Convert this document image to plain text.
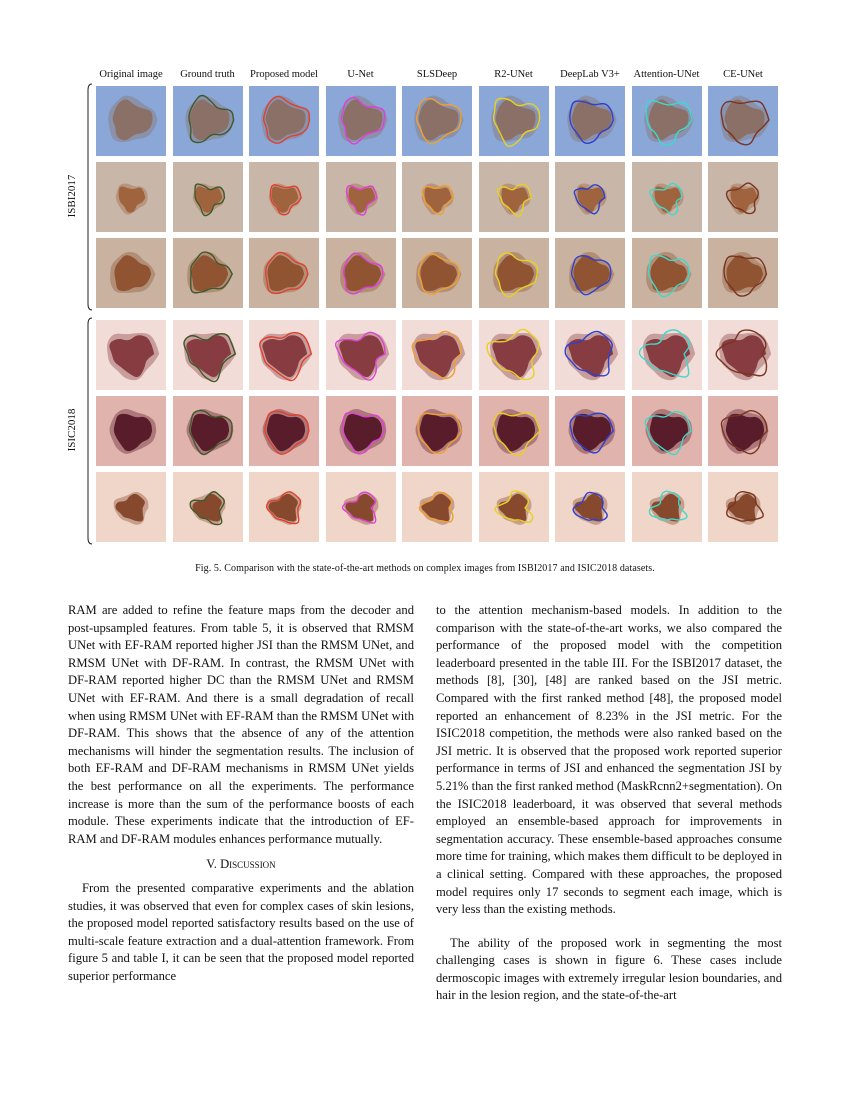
Original image	Ground truth	Proposed model	U-Net	SLSDeep	R2-UNet	DeepLab V3+	Attention-UNet	CE-UNet
ISBI2017
ISIC2018
Fig. 5. Comparison with the state-of-the-art methods on complex images from ISBI2017 and ISIC2018 datasets.

RAM are added to refine the feature maps from the decoder and post-upsampled features. From table 5, it is observed that RMSM UNet with EF-RAM reported higher JSI than the RMSM UNet, and RMSM UNet with DF-RAM. In contrast, the RMSM UNet with DF-RAM reported higher DC than the RMSM UNet and RMSM UNet with EF-RAM. And there is a small degradation of recall when using RMSM UNet with EF-RAM than the RMSM UNet with DF-RAM. This shows that the absence of any of the attention mechanisms will hinder the segmentation results. The inclusion of both EF-RAM and DF-RAM mechanisms in RMSM UNet yields the best performance on all the experiments. The performance increase is more than the sum of the performance boosts of each module. These experiments indicate that the introduction of EF-RAM and DF-RAM modules enhances performance mutually.

V. Discussion

From the presented comparative experiments and the ablation studies, it was observed that even for complex cases of skin lesions, the proposed model reported satisfactory results based on the use of multi-scale feature extraction and a dual-attention framework. From figure 5 and table I, it can be seen that the proposed model reported superior performance

to the attention mechanism-based models. In addition to the comparison with the state-of-the-art works, we also compared the performance of the proposed model with the competition leaderboard presented in the table III. For the ISBI2017 dataset, the methods [8], [30], [48] are ranked based on the JSI metric. Compared with the first ranked method [48], the proposed model reported an enhancement of 8.23% in the JSI metric. For the ISIC2018 competition, the methods were also ranked based on the JSI metric. It is observed that the proposed work reported superior performance in terms of JSI and enhanced the segmentation JSI by 5.21% than the first ranked method (MaskRcnn2+segmentation). On the ISIC2018 leaderboard, it was observed that several methods employed an ensemble-based approach for improvements in segmentation accuracy. These ensemble-based approaches consume more time for training, which makes them difficult to be deployed in a clinical setting. Compared with these approaches, the proposed model requires only 17 seconds to segment each image, which is very less than the existing methods.

The ability of the proposed work in segmenting the most challenging cases is shown in figure 6. These cases include dermoscopic images with extremely irregular lesion boundaries, and hair in the lesion region, and the state-of-the-art
